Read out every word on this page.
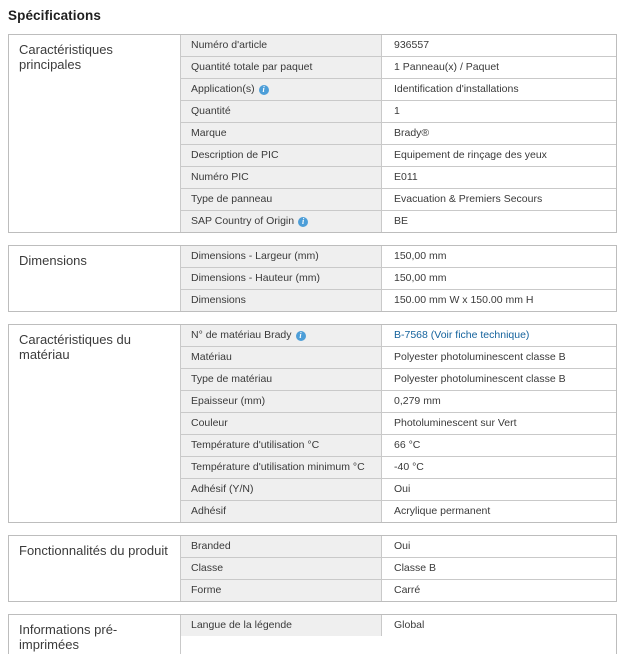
Spécifications
Caractéristiques principales
Numéro d'article	936557
Quantité totale par paquet	1 Panneau(x) / Paquet
Application(s) i	Identification d'installations
Quantité	1
Marque	Brady®
Description de PIC	Equipement de rinçage des yeux
Numéro PIC	E011
Type de panneau	Evacuation & Premiers Secours
SAP Country of Origin i	BE
Dimensions	Dimensions - Largeur (mm)	150,00 mm
Dimensions - Hauteur (mm)	150,00 mm
Dimensions	150.00 mm W x 150.00 mm H
Caractéristiques du matériau
N° de matériau Brady i	B-7568 (Voir fiche technique)
Matériau	Polyester photoluminescent classe B
Type de matériau	Polyester photoluminescent classe B
Epaisseur (mm)	0,279 mm
Couleur	Photoluminescent sur Vert
Température d'utilisation °C	66 °C
Température d'utilisation minimum °C	-40 °C
Adhésif (Y/N)	Oui
Adhésif	Acrylique permanent
Fonctionnalités du produit	Branded	Oui
Classe	Classe B
Forme	Carré
Informations pré-imprimées
Langue de la légende	Global
